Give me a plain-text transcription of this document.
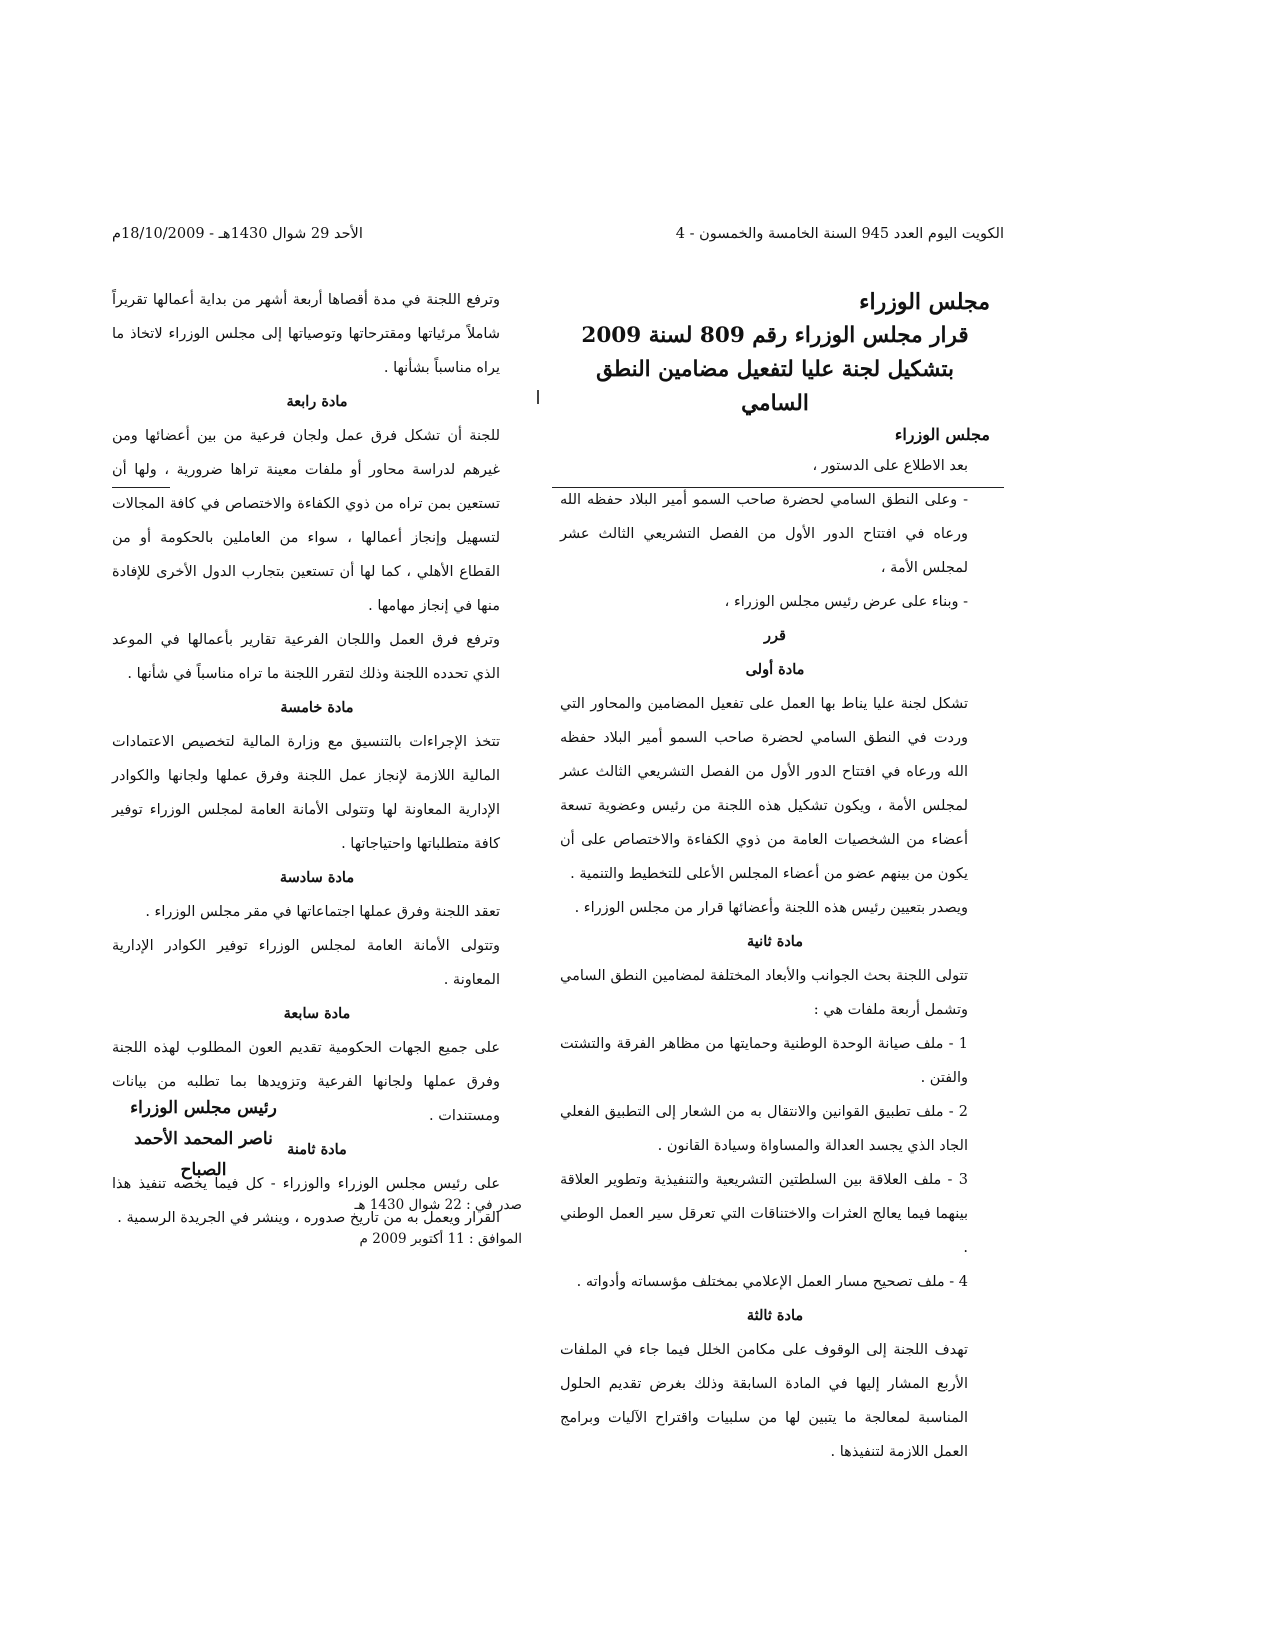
الكويت اليوم العدد 945 السنة الخامسة والخمسون - 4
الأحد 29 شوال 1430هـ - 18/10/2009م

مجلس الوزراء

قرار مجلس الوزراء رقم 809 لسنة 2009

بتشكيل لجنة عليا لتفعيل مضامين النطق السامي

مجلس الوزراء

بعد الاطلاع على الدستور ،

- وعلى النطق السامي لحضرة صاحب السمو أمير البلاد حفظه الله ورعاه في افتتاح الدور الأول من الفصل التشريعي الثالث عشر لمجلس الأمة ،

- وبناء على عرض رئيس مجلس الوزراء ،

قرر

مادة أولى

تشكل لجنة عليا يناط بها العمل على تفعيل المضامين والمحاور التي وردت في النطق السامي لحضرة صاحب السمو أمير البلاد حفظه الله ورعاه في افتتاح الدور الأول من الفصل التشريعي الثالث عشر لمجلس الأمة ، ويكون تشكيل هذه اللجنة من رئيس وعضوية تسعة أعضاء من الشخصيات العامة من ذوي الكفاءة والاختصاص على أن يكون من بينهم عضو من أعضاء المجلس الأعلى للتخطيط والتنمية .

ويصدر بتعيين رئيس هذه اللجنة وأعضائها قرار من مجلس الوزراء .

مادة ثانية

تتولى اللجنة بحث الجوانب والأبعاد المختلفة لمضامين النطق السامي وتشمل أربعة ملفات هي :

1 - ملف صيانة الوحدة الوطنية وحمايتها من مظاهر الفرقة والتشتت والفتن .

2 - ملف تطبيق القوانين والانتقال به من الشعار إلى التطبيق الفعلي الجاد الذي يجسد العدالة والمساواة وسيادة القانون .

3 - ملف العلاقة بين السلطتين التشريعية والتنفيذية وتطوير العلاقة بينهما فيما يعالج العثرات والاختناقات التي تعرقل سير العمل الوطني .

4 - ملف تصحيح مسار العمل الإعلامي بمختلف مؤسساته وأدواته .

مادة ثالثة

تهدف اللجنة إلى الوقوف على مكامن الخلل فيما جاء في الملفات الأربع المشار إليها في المادة السابقة وذلك بغرض تقديم الحلول المناسبة لمعالجة ما يتبين لها من سلبيات واقتراح الآليات وبرامج العمل اللازمة لتنفيذها .

وترفع اللجنة في مدة أقصاها أربعة أشهر من بداية أعمالها تقريراً شاملاً مرئياتها ومقترحاتها وتوصياتها إلى مجلس الوزراء لاتخاذ ما يراه مناسباً بشأنها .

مادة رابعة

للجنة أن تشكل فرق عمل ولجان فرعية من بين أعضائها ومن غيرهم لدراسة محاور أو ملفات معينة تراها ضرورية ، ولها أن تستعين بمن تراه من ذوي الكفاءة والاختصاص في كافة المجالات لتسهيل وإنجاز أعمالها ، سواء من العاملين بالحكومة أو من القطاع الأهلي ، كما لها أن تستعين بتجارب الدول الأخرى للإفادة منها في إنجاز مهامها .

وترفع فرق العمل واللجان الفرعية تقارير بأعمالها في الموعد الذي تحدده اللجنة وذلك لتقرر اللجنة ما تراه مناسباً في شأنها .

مادة خامسة

تتخذ الإجراءات بالتنسيق مع وزارة المالية لتخصيص الاعتمادات المالية اللازمة لإنجاز عمل اللجنة وفرق عملها ولجانها والكوادر الإدارية المعاونة لها وتتولى الأمانة العامة لمجلس الوزراء توفير كافة متطلباتها واحتياجاتها .

مادة سادسة

تعقد اللجنة وفرق عملها اجتماعاتها في مقر مجلس الوزراء .

وتتولى الأمانة العامة لمجلس الوزراء توفير الكوادر الإدارية المعاونة .

مادة سابعة

على جميع الجهات الحكومية تقديم العون المطلوب لهذه اللجنة وفرق عملها ولجانها الفرعية وتزويدها بما تطلبه من بيانات ومستندات .

مادة ثامنة

على رئيس مجلس الوزراء والوزراء - كل فيما يخصه تنفيذ هذا القرار ويعمل به من تاريخ صدوره ، وينشر في الجريدة الرسمية .

رئيس مجلس الوزراء
ناصر المحمد الأحمد الصباح
صدر في : 22 شوال 1430 هـ
الموافق : 11 أكتوبر 2009 م
